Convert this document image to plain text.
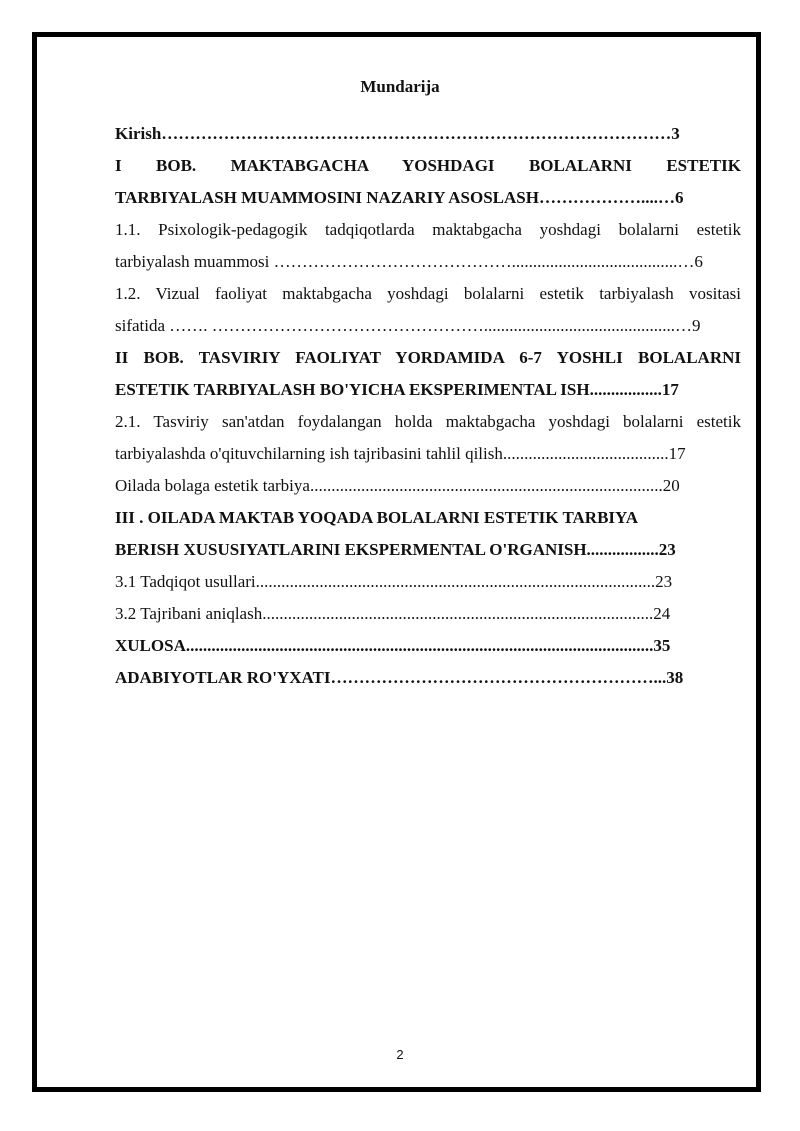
Mundarija
Kirish………………………………………………………………………………3
I BOB. MAKTABGACHA YOSHDAGI BOLALARNI ESTETIK
TARBIYALASH MUAMMOSINI NAZARIY ASOSLASH………………....…6
1.1. Psixologik-pedagogik tadqiqotlarda maktabgacha yoshdagi bolalarni estetik
tarbiyalash muammosi …………………………………….......................................…6
1.2. Vizual faoliyat maktabgacha yoshdagi bolalarni estetik tarbiyalash vositasi
sifatida ……. ………………………………………….............................................…9
II BOB. TASVIRIY FAOLIYAT YORDAMIDA 6-7 YOSHLI BOLALARNI
ESTETIK TARBIYALASH BO'YICHA EKSPERIMENTAL ISH.................17
2.1. Tasviriy san'atdan foydalangan holda maktabgacha yoshdagi bolalarni estetik
tarbiyalashda o'qituvchilarning ish tajribasini tahlil qilish.......................................17
Oilada bolaga estetik tarbiya...................................................................................20
III . OILADA MAKTAB YOQADA BOLALARNI ESTETIK TARBIYA
BERISH XUSUSIYATLARINI EKSPERMENTAL O'RGANISH.................23
3.1 Tadqiqot usullari..............................................................................................23
3.2 Tajribani aniqlash............................................................................................24
XULOSA..............................................................................................................35
ADABIYOTLAR RO'YXATI…………………………………………………...38
2
